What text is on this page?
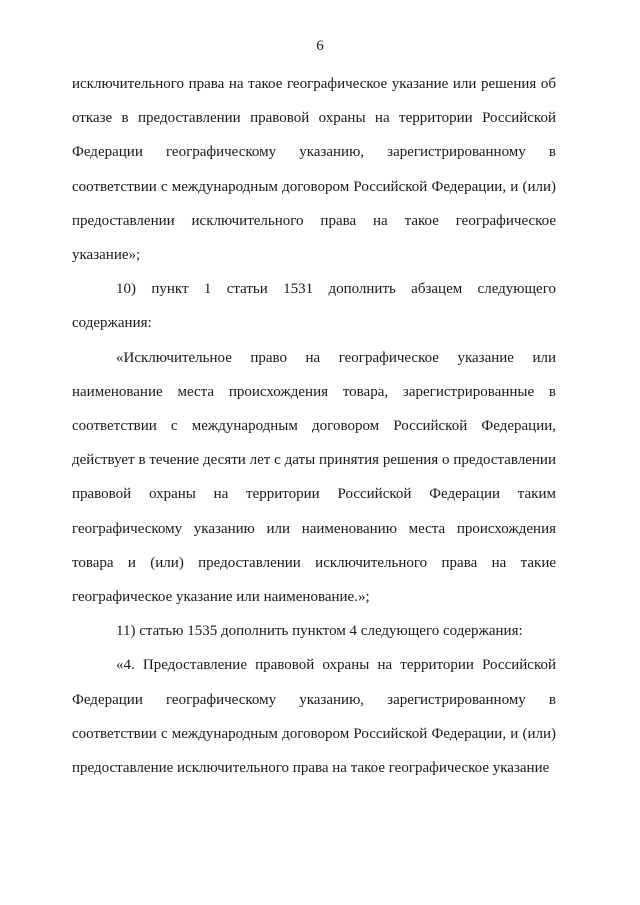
6

исключительного права на такое географическое указание или решения об отказе в предоставлении правовой охраны на территории Российской Федерации географическому указанию, зарегистрированному в соответствии с международным договором Российской Федерации, и (или) предоставлении исключительного права на такое географическое указание»;

10) пункт 1 статьи 1531 дополнить абзацем следующего содержания:

«Исключительное право на географическое указание или наименование места происхождения товара, зарегистрированные в соответствии с международным договором Российской Федерации, действует в течение десяти лет с даты принятия решения о предоставлении правовой охраны на территории Российской Федерации таким географическому указанию или наименованию места происхождения товара и (или) предоставлении исключительного права на такие географическое указание или наименование.»;

11) статью 1535 дополнить пунктом 4 следующего содержания:

«4. Предоставление правовой охраны на территории Российской Федерации географическому указанию, зарегистрированному в соответствии с международным договором Российской Федерации, и (или) предоставление исключительного права на такое географическое указание
